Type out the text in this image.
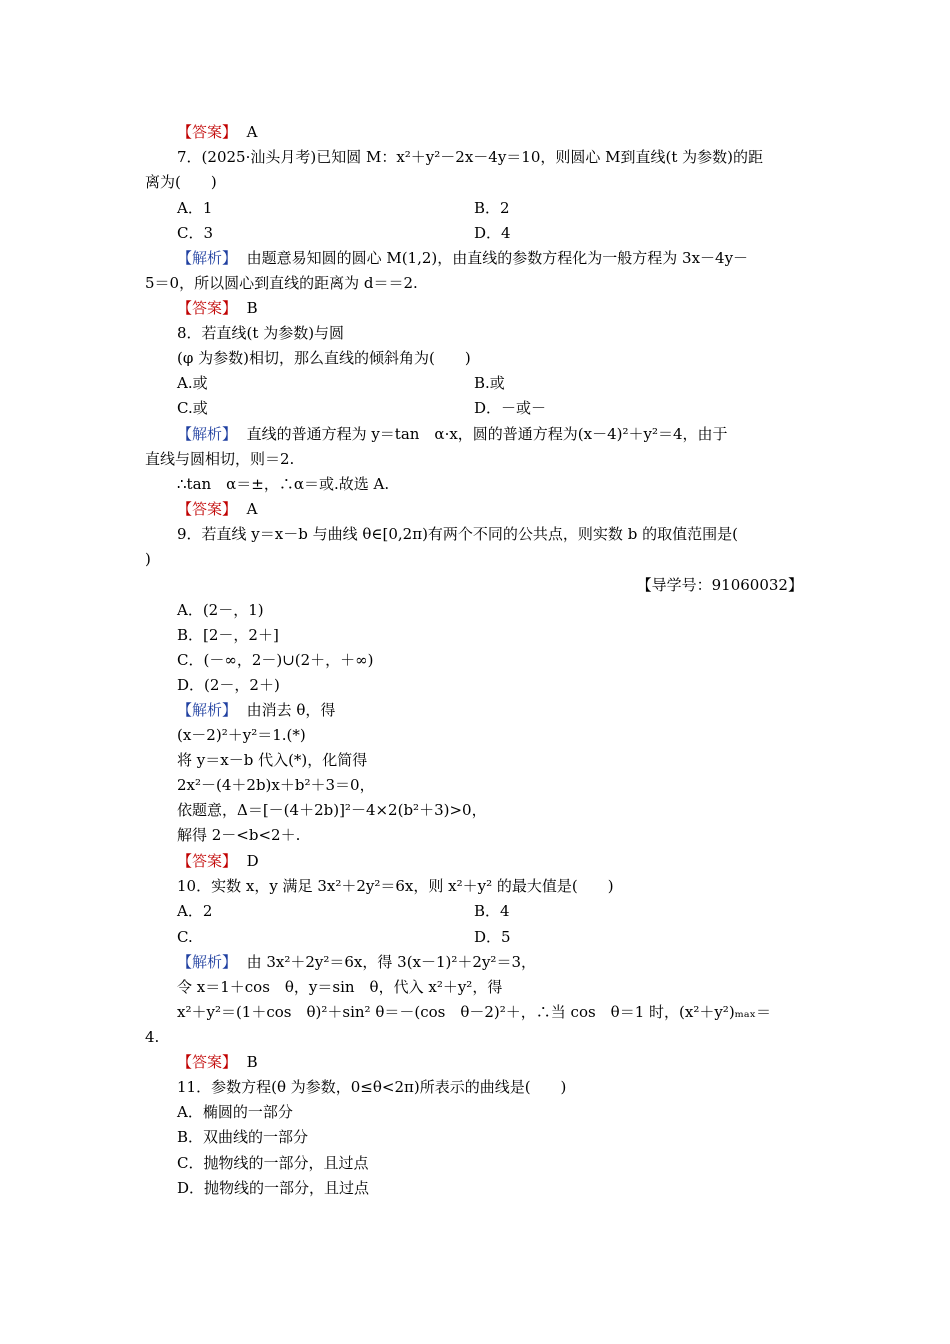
【答案】 A
7．(2025·汕头月考)已知圆 M：x²＋y²－2x－4y＝10，则圆心 M到直线(t 为参数)的距
离为(　　)
A．1	B．2
C．3	D．4
【解析】 由题意易知圆的圆心 M(1,2)，由直线的参数方程化为一般方程为 3x－4y－
5＝0，所以圆心到直线的距离为 d＝＝2.
【答案】 B
8．若直线(t 为参数)与圆
(φ 为参数)相切，那么直线的倾斜角为(　　)
A.或	B.或
C.或	D．－或－
【解析】 直线的普通方程为 y＝tan　α·x，圆的普通方程为(x－4)²＋y²＝4，由于
直线与圆相切，则＝2.
∴tan　α＝±，∴α＝或.故选 A.
【答案】 A
9．若直线 y＝x－b 与曲线 θ∈[0,2π)有两个不同的公共点，则实数 b 的取值范围是(
)
【导学号：91060032】
A．(2－，1)
B．[2－，2＋]
C．(－∞，2－)∪(2＋，＋∞)
D．(2－，2＋)
【解析】 由消去 θ，得
(x－2)²＋y²＝1.(*)
将 y＝x－b 代入(*)，化简得
2x²－(4＋2b)x＋b²＋3＝0，
依题意，Δ＝[－(4＋2b)]²－4×2(b²＋3)>0，
解得 2－<b<2＋.
【答案】 D
10．实数 x，y 满足 3x²＋2y²＝6x，则 x²＋y² 的最大值是(　　)
A．2	B．4
C.	D．5
【解析】 由 3x²＋2y²＝6x，得 3(x－1)²＋2y²＝3，
令 x＝1＋cos　θ，y＝sin　θ，代入 x²＋y²，得
x²＋y²＝(1＋cos　θ)²＋sin² θ＝－(cos　θ－2)²＋，∴当 cos　θ＝1 时，(x²＋y²)ₘₐₓ＝
4.
【答案】 B
11．参数方程(θ 为参数，0≤θ<2π)所表示的曲线是(　　)
A．椭圆的一部分
B．双曲线的一部分
C．抛物线的一部分，且过点
D．抛物线的一部分，且过点
